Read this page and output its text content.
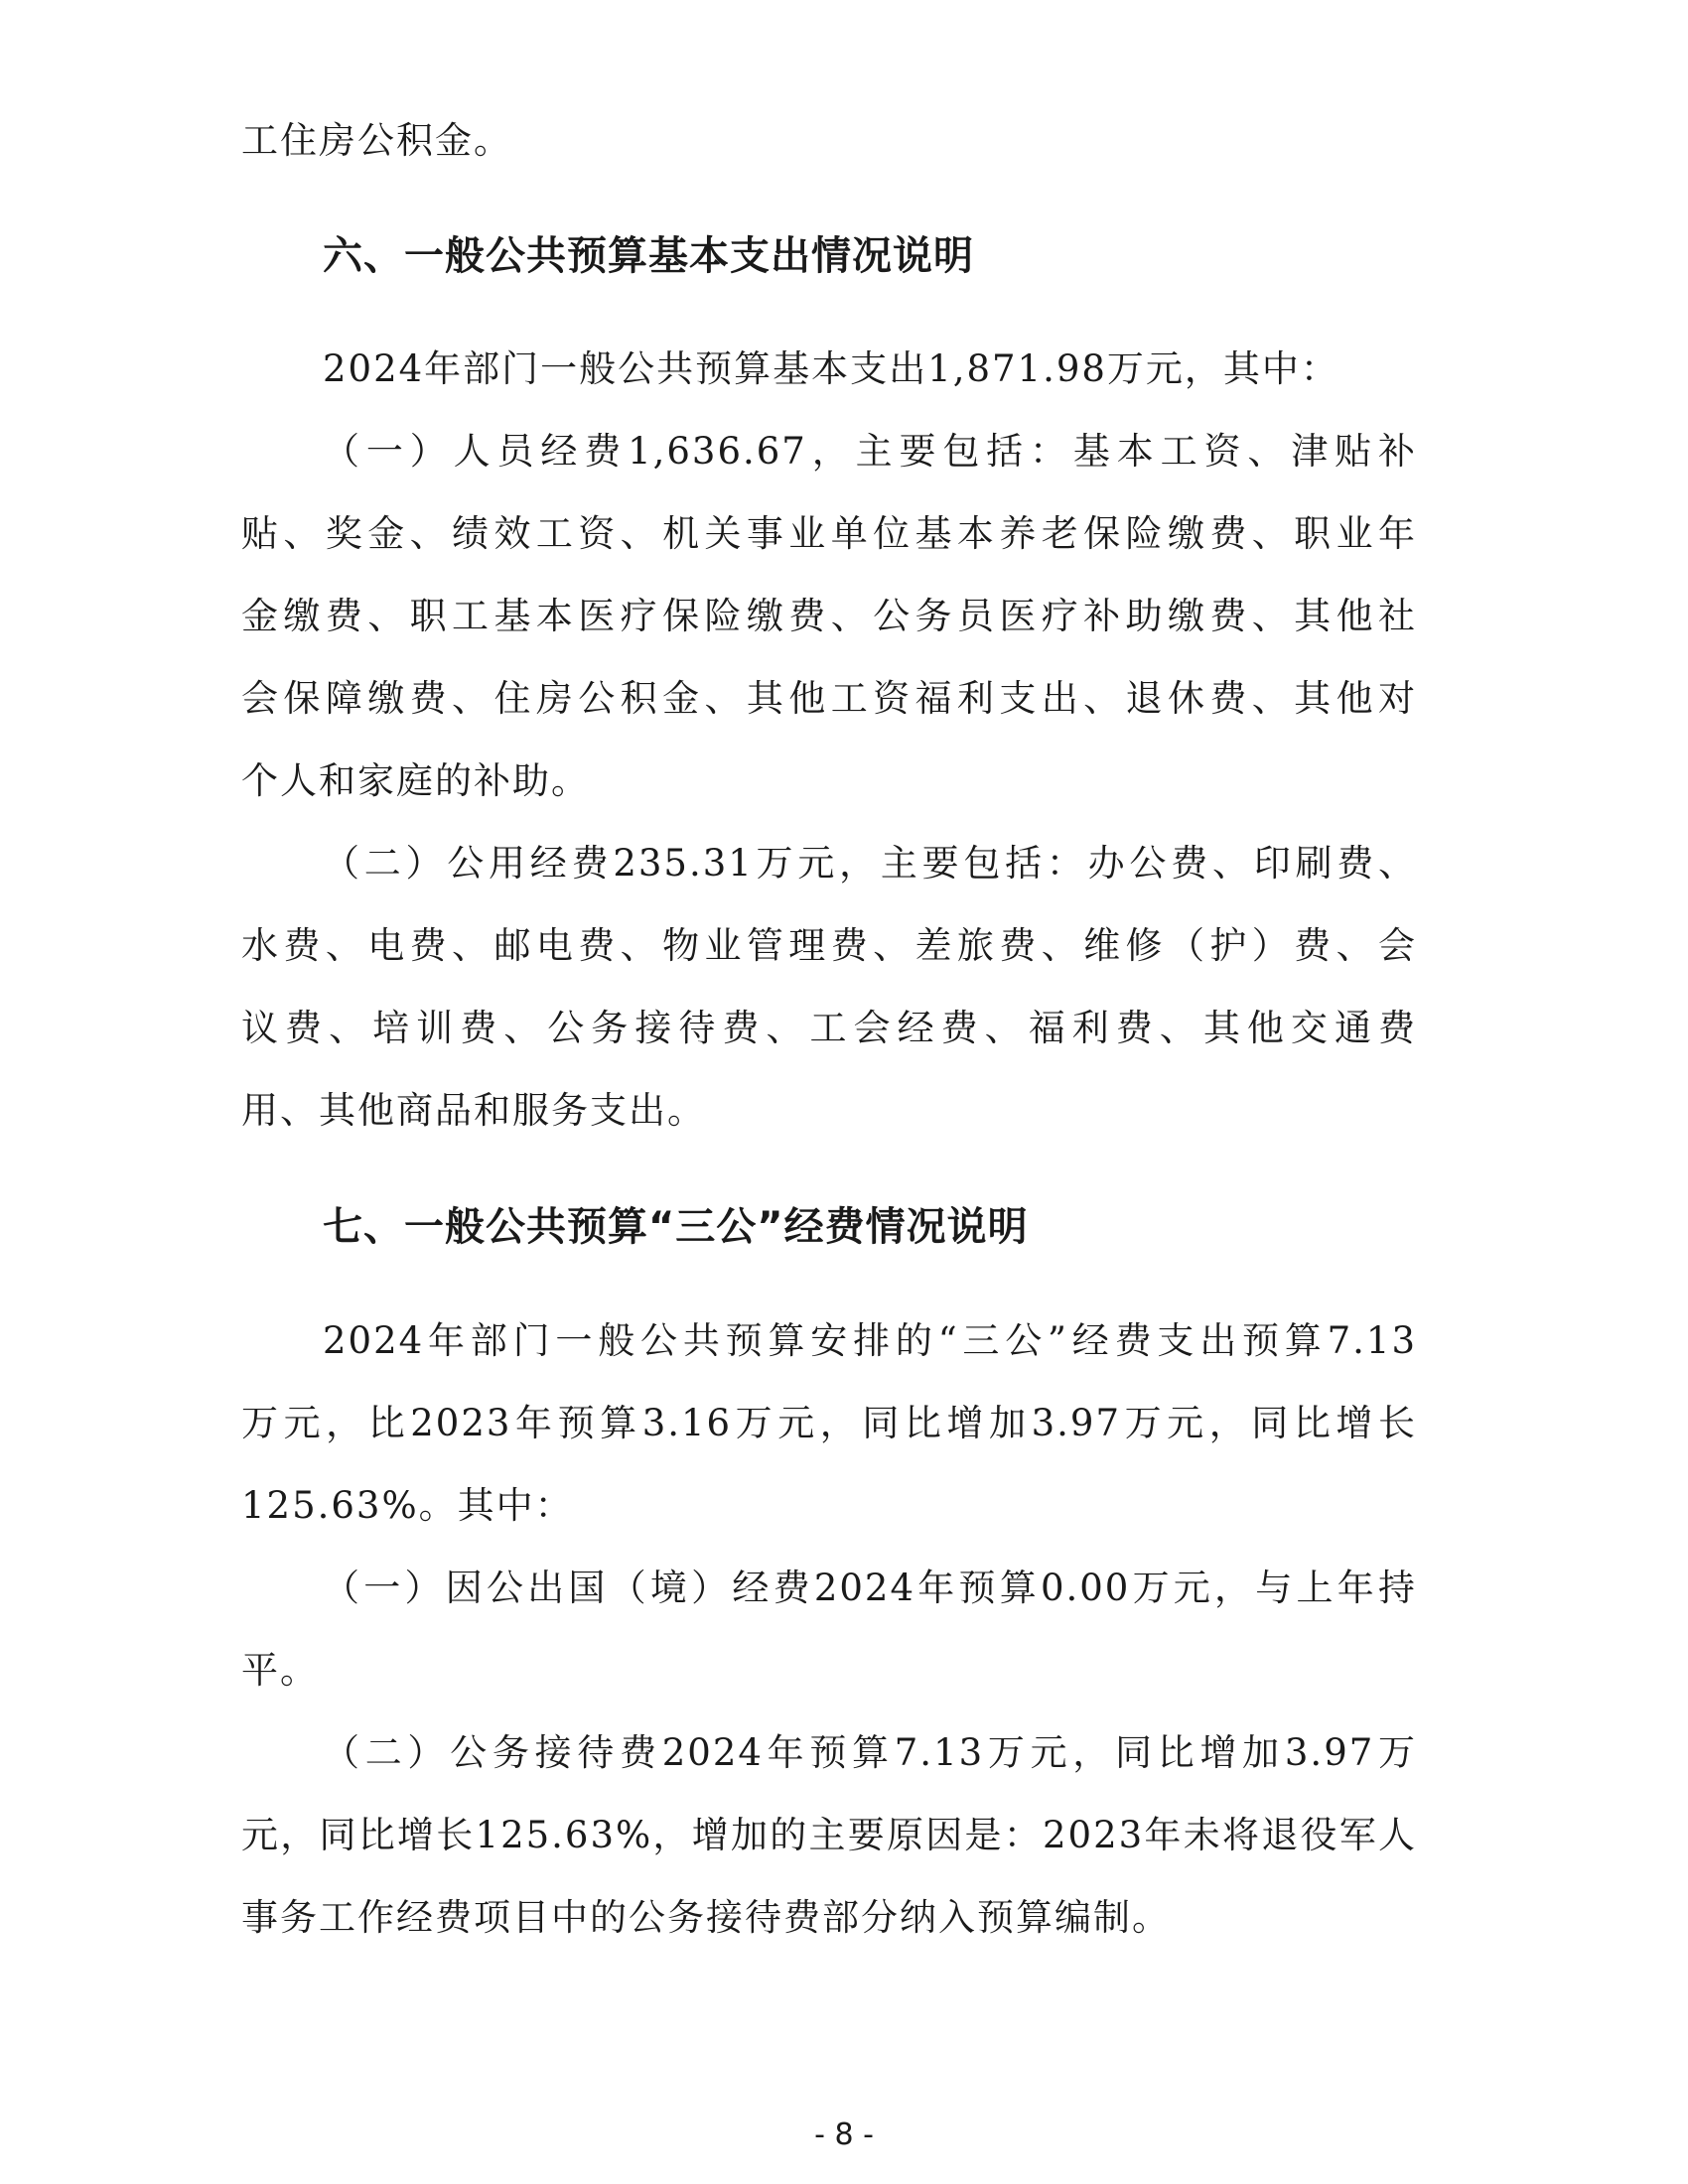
工住房公积金。
六、一般公共预算基本支出情况说明
2024年部门一般公共预算基本支出1,871.98万元，其中：
（一）人员经费1,636.67，主要包括：基本工资、津贴补
贴、奖金、绩效工资、机关事业单位基本养老保险缴费、职业年
金缴费、职工基本医疗保险缴费、公务员医疗补助缴费、其他社
会保障缴费、住房公积金、其他工资福利支出、退休费、其他对
个人和家庭的补助。
（二）公用经费235.31万元，主要包括：办公费、印刷费、
水费、电费、邮电费、物业管理费、差旅费、维修（护）费、会
议费、培训费、公务接待费、工会经费、福利费、其他交通费
用、其他商品和服务支出。
七、一般公共预算“三公”经费情况说明
2024年部门一般公共预算安排的“三公”经费支出预算7.13
万元，比2023年预算3.16万元，同比增加3.97万元，同比增长
125.63%。其中：
（一）因公出国（境）经费2024年预算0.00万元，与上年持
平。
（二）公务接待费2024年预算7.13万元，同比增加3.97万
元，同比增长125.63%，增加的主要原因是：2023年未将退役军人
事务工作经费项目中的公务接待费部分纳入预算编制。
- 8 -
